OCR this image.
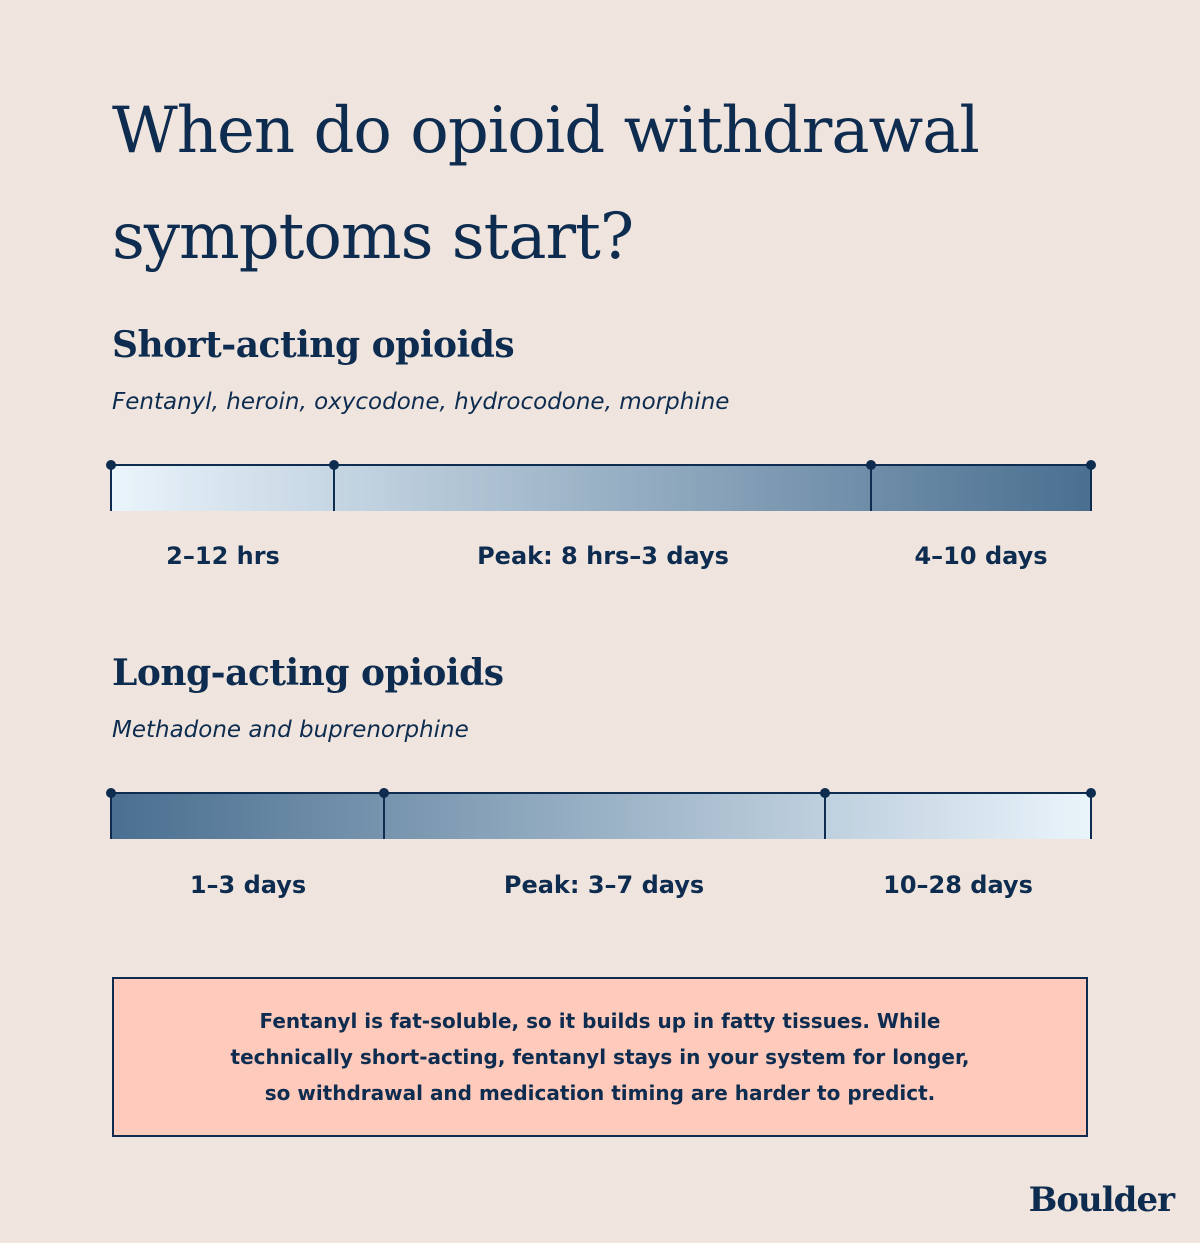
When do opioid withdrawal symptoms start?
Short-acting opioids

Fentanyl, heroin, oxycodone, hydrocodone, morphine

2–12 hrs	Peak: 8 hrs–3 days	4–10 days
Long-acting opioids

Methadone and buprenorphine

1–3 days	Peak: 3–7 days	10–28 days

Fentanyl is fat-soluble, so it builds up in fatty tissues. While technically short-acting, fentanyl stays in your system for longer, so withdrawal and medication timing are harder to predict.

Boulder
